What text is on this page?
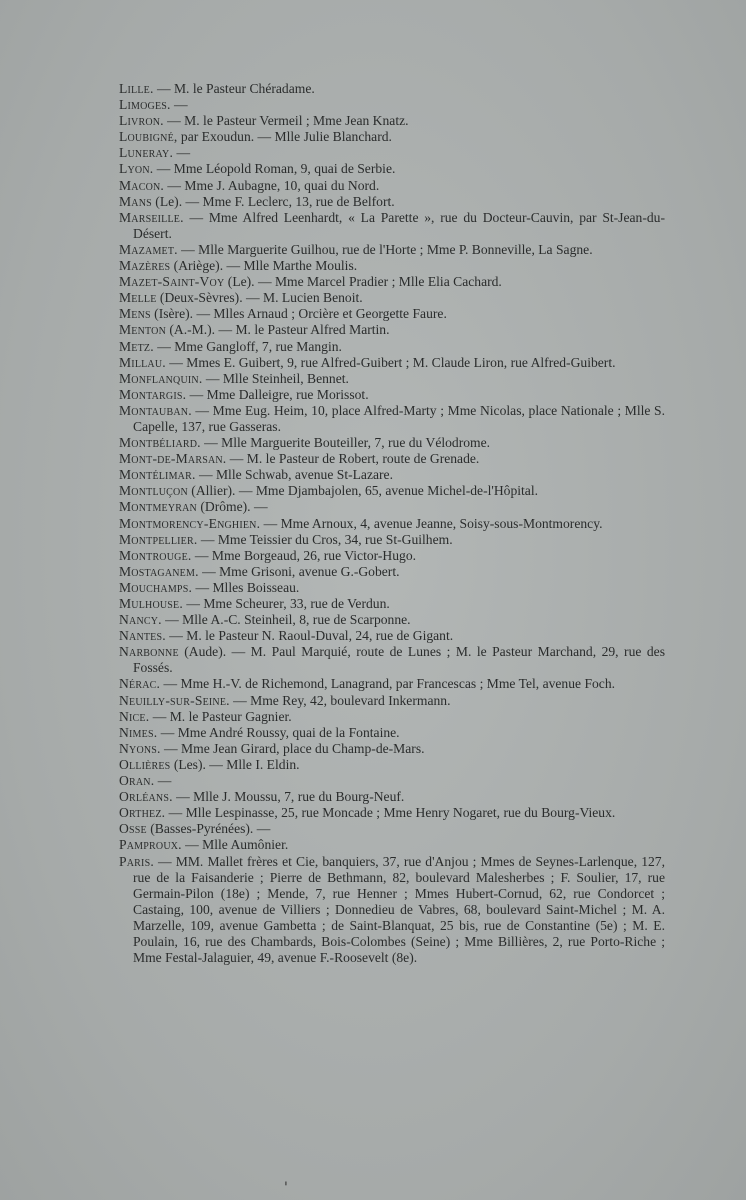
Lille. — M. le Pasteur Chéradame.

Limoges. —

Livron. — M. le Pasteur Vermeil ; Mme Jean Knatz.

Loubigné, par Exoudun. — Mlle Julie Blanchard.

Luneray. —

Lyon. — Mme Léopold Roman, 9, quai de Serbie.

Macon. — Mme J. Aubagne, 10, quai du Nord.

Mans (Le). — Mme F. Leclerc, 13, rue de Belfort.

Marseille. — Mme Alfred Leenhardt, « La Parette », rue du Docteur-Cauvin, par St-Jean-du-Désert.

Mazamet. — Mlle Marguerite Guilhou, rue de l'Horte ; Mme P. Bonneville, La Sagne.

Mazères (Ariège). — Mlle Marthe Moulis.

Mazet-Saint-Voy (Le). — Mme Marcel Pradier ; Mlle Elia Cachard.

Melle (Deux-Sèvres). — M. Lucien Benoit.

Mens (Isère). — Mlles Arnaud ; Orcière et Georgette Faure.

Menton (A.-M.). — M. le Pasteur Alfred Martin.

Metz. — Mme Gangloff, 7, rue Mangin.

Millau. — Mmes E. Guibert, 9, rue Alfred-Guibert ; M. Claude Liron, rue Alfred-Guibert.

Monflanquin. — Mlle Steinheil, Bennet.

Montargis. — Mme Dalleigre, rue Morissot.

Montauban. — Mme Eug. Heim, 10, place Alfred-Marty ; Mme Nicolas, place Nationale ; Mlle S. Capelle, 137, rue Gasseras.

Montbéliard. — Mlle Marguerite Bouteiller, 7, rue du Vélodrome.

Mont-de-Marsan. — M. le Pasteur de Robert, route de Grenade.

Montélimar. — Mlle Schwab, avenue St-Lazare.

Montluçon (Allier). — Mme Djambajolen, 65, avenue Michel-de-l'Hôpital.

Montmeyran (Drôme). —

Montmorency-Enghien. — Mme Arnoux, 4, avenue Jeanne, Soisy-sous-Montmorency.

Montpellier. — Mme Teissier du Cros, 34, rue St-Guilhem.

Montrouge. — Mme Borgeaud, 26, rue Victor-Hugo.

Mostaganem. — Mme Grisoni, avenue G.-Gobert.

Mouchamps. — Mlles Boisseau.

Mulhouse. — Mme Scheurer, 33, rue de Verdun.

Nancy. — Mlle A.-C. Steinheil, 8, rue de Scarponne.

Nantes. — M. le Pasteur N. Raoul-Duval, 24, rue de Gigant.

Narbonne (Aude). — M. Paul Marquié, route de Lunes ; M. le Pasteur Marchand, 29, rue des Fossés.

Nérac. — Mme H.-V. de Richemond, Lanagrand, par Francescas ; Mme Tel, avenue Foch.

Neuilly-sur-Seine. — Mme Rey, 42, boulevard Inkermann.

Nice. — M. le Pasteur Gagnier.

Nimes. — Mme André Roussy, quai de la Fontaine.

Nyons. — Mme Jean Girard, place du Champ-de-Mars.

Ollières (Les). — Mlle I. Eldin.

Oran. —

Orléans. — Mlle J. Moussu, 7, rue du Bourg-Neuf.

Orthez. — Mlle Lespinasse, 25, rue Moncade ; Mme Henry Nogaret, rue du Bourg-Vieux.

Osse (Basses-Pyrénées). —

Pamproux. — Mlle Aumônier.

Paris. — MM. Mallet frères et Cie, banquiers, 37, rue d'Anjou ; Mmes de Seynes-Larlenque, 127, rue de la Faisanderie ; Pierre de Bethmann, 82, boulevard Malesherbes ; F. Soulier, 17, rue Germain-Pilon (18e) ; Mende, 7, rue Henner ; Mmes Hubert-Cornud, 62, rue Condorcet ; Castaing, 100, avenue de Villiers ; Donnedieu de Vabres, 68, boulevard Saint-Michel ; M. A. Marzelle, 109, avenue Gambetta ; de Saint-Blanquat, 25 bis, rue de Constantine (5e) ; M. E. Poulain, 16, rue des Chambards, Bois-Colombes (Seine) ; Mme Billières, 2, rue Porto-Riche ; Mme Festal-Jalaguier, 49, avenue F.-Roosevelt (8e).

'
